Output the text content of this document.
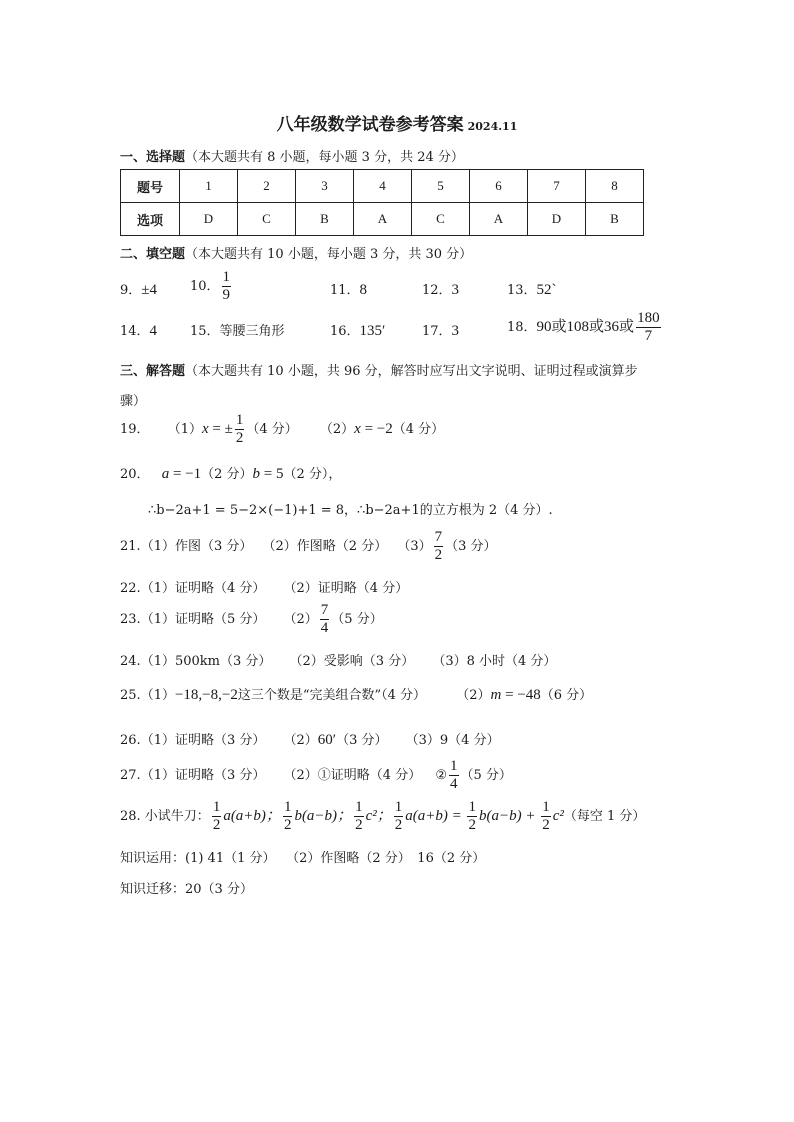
八年级数学试卷参考答案 2024.11
一、选择题（本大题共有 8 小题，每小题 3 分，共 24 分）
题号	1	2	3	4	5	6	7	8
选项	D	C	B	A	C	A	D	B
二、填空题（本大题共有 10 小题，每小题 3 分，共 30 分）
9．±4	10． $\frac{1}{9}$	11．8	12．3	13．52`
14．4	15．等腰三角形	16．135′	17．3	18．90或108或36或 $\frac{180}{7}$
三、解答题（本大题共有 10 小题，共 96 分，解答时应写出文字说明、证明过程或演算步
骤）
19． （1）x = ± $\frac{1}{2} (4$ 分） （2）x = −2（4 分）
20． a = −1（2 分）b = 5（2 分），
∴b−2a+1 = 5−2×(−1)+1 = 8，∴b−2a+1的立方根为 2（4 分）.
21.（1）作图（3 分） （2）作图略（2 分） $(3) \frac{7}{2} (3$ 分）
22.（1）证明略（4 分） （2）证明略（4 分）
23.（1）证明略（5 分） $(2) \frac{7}{4} (5$ 分）
24.（1）500km（3 分） （2）受影响（3 分） （3）8 小时（4 分）
25.（1）−18,−8,−2这三个数是“完美组合数”（4 分） （2）m = −48（6 分）
26.（1）证明略（3 分） （2）60′（3 分） （3）9（4 分）
27.（1）证明略（3 分） （2）①证明略（4 分） ② $\frac{1}{4} (5$ 分）
28. 小试牛刀： $\frac{1}{2} a(a+b)$； $\frac{1}{2} b(a-b)$； $\frac{1}{2} c^2$； $\frac{1}{2} a(a+b) = \frac{1}{2} b(a-b) + \frac{1}{2} c^2$（每空 1 分）
知识运用：(1) 41（1 分）　 （2）作图略（2 分）　16（2 分）
知识迁移：20（3 分）
